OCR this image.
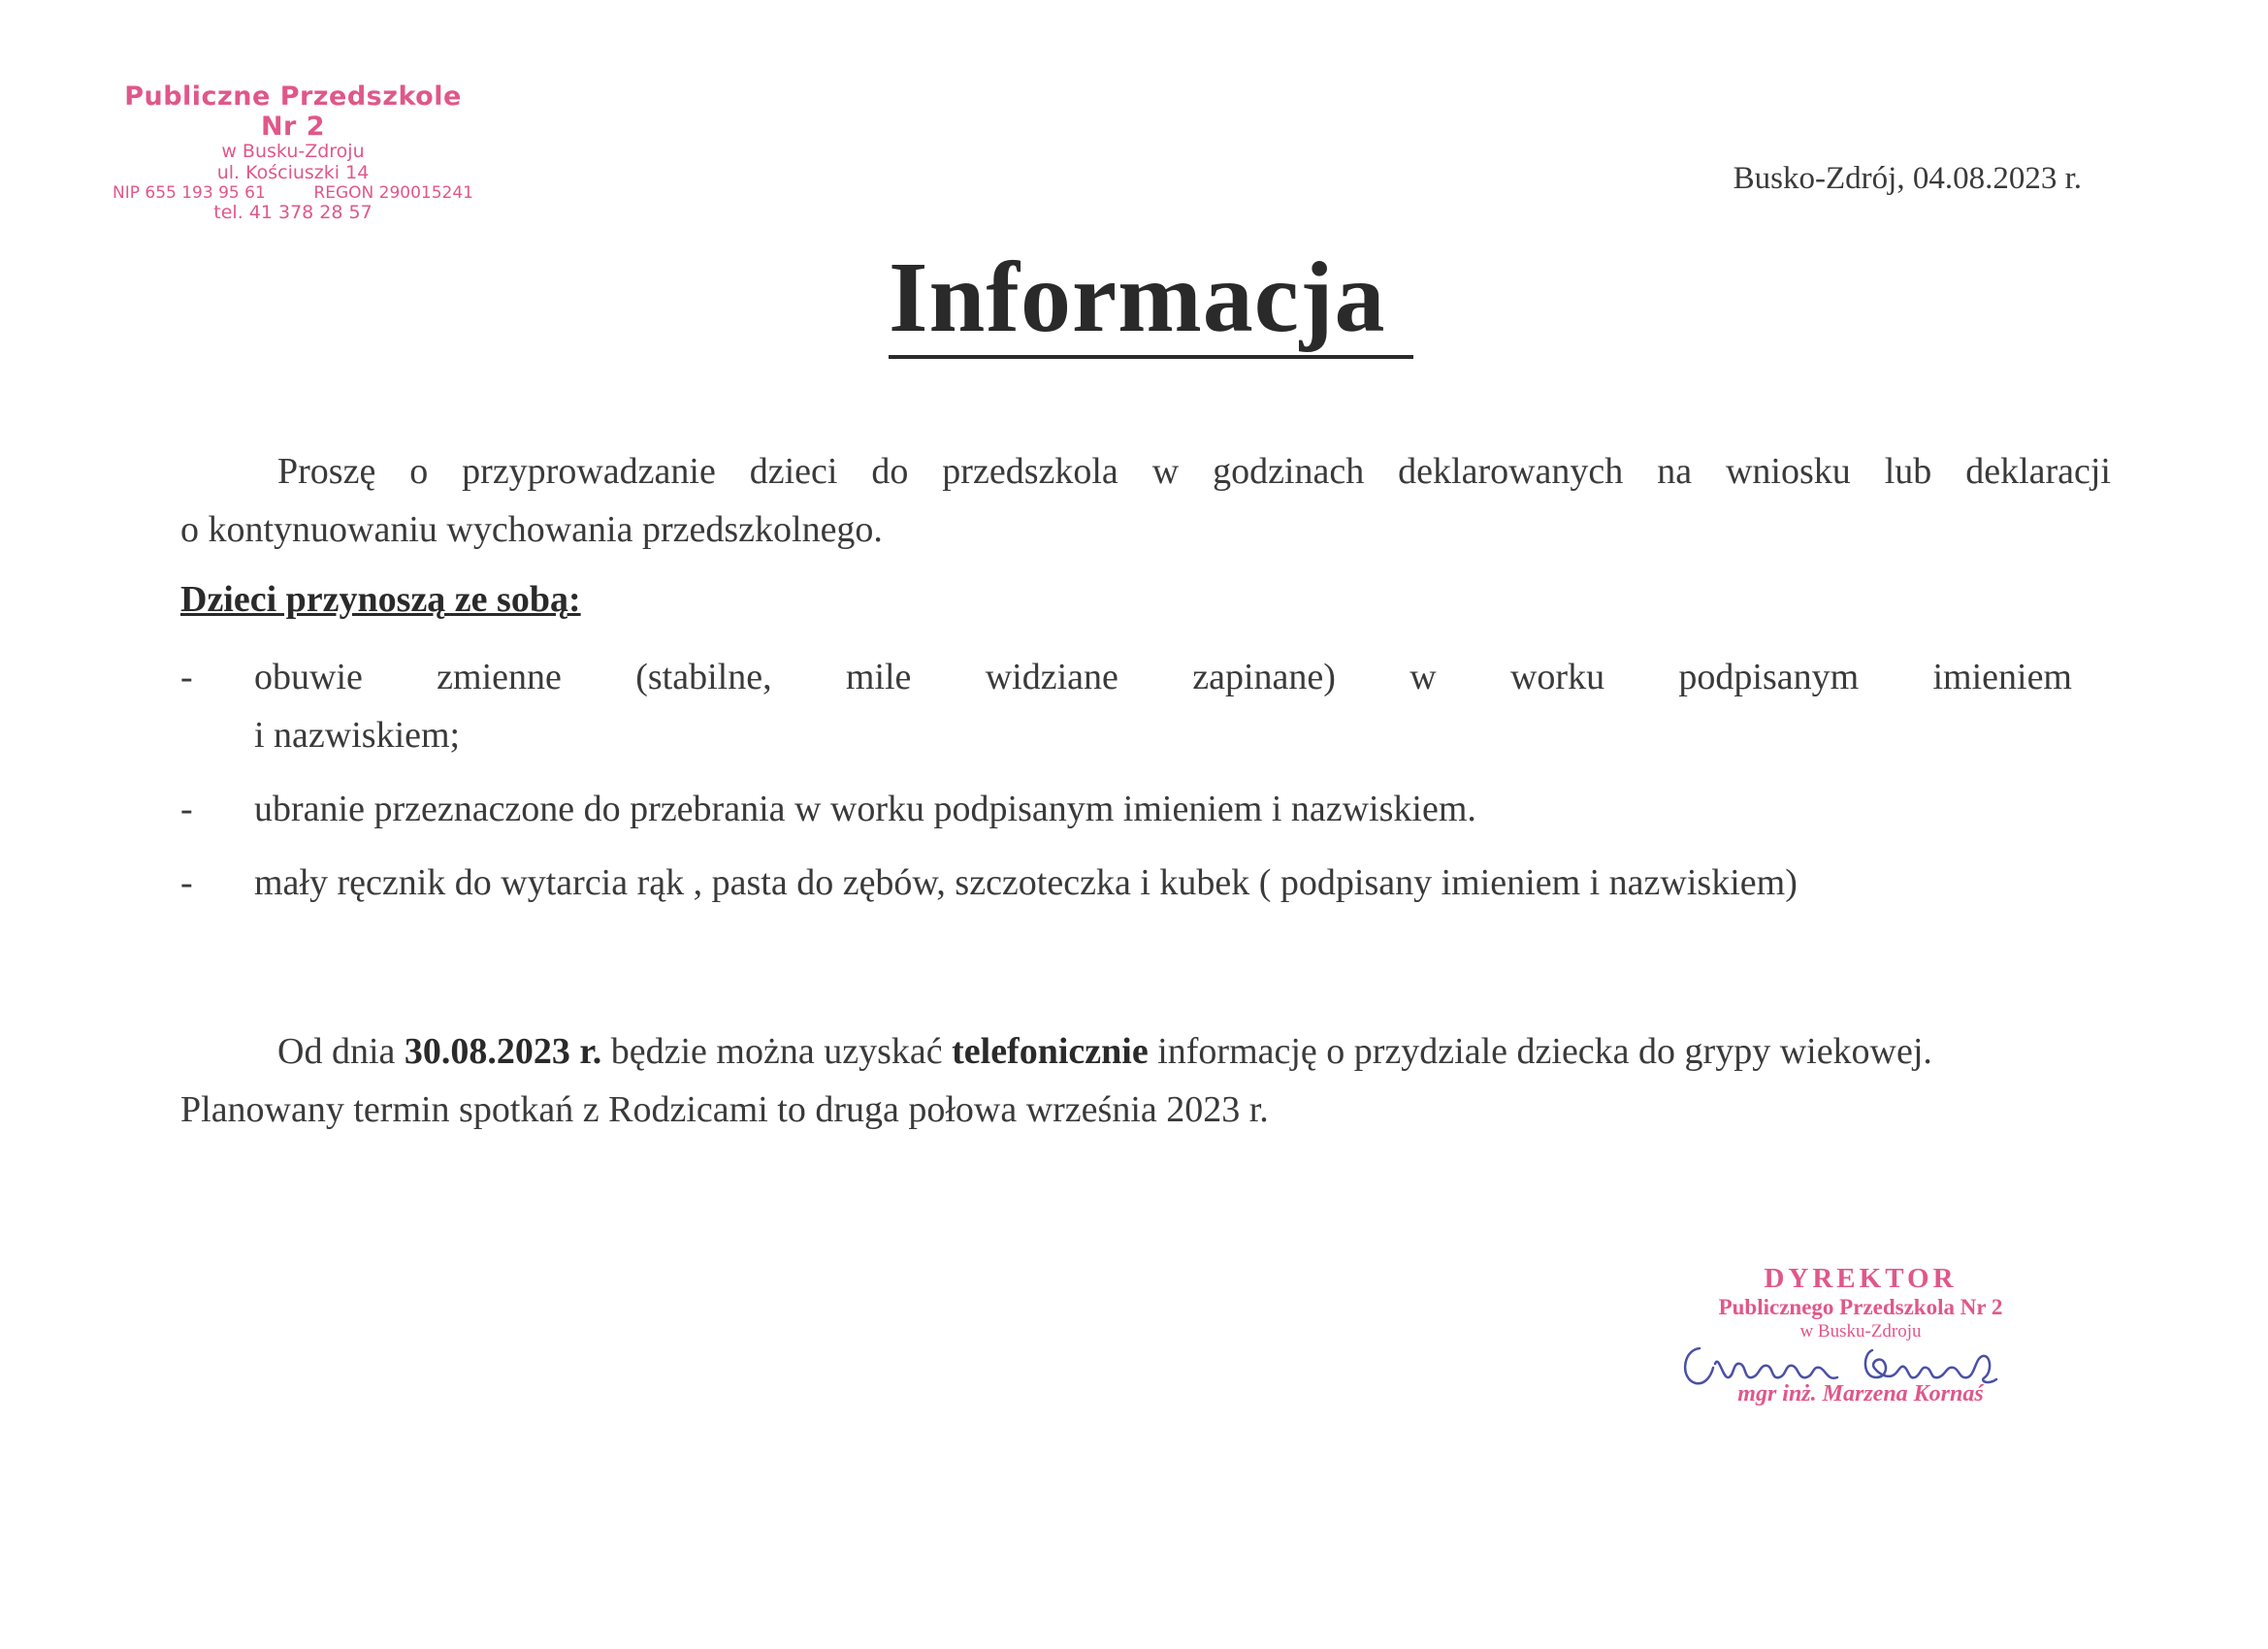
Publiczne Przedszkole Nr 2
w Busku-Zdroju
ul. Kościuszki 14
NIP 655 193 95 61	REGON 290015241
tel. 41 378 28 57
Busko-Zdrój, 04.08.2023 r.
Informacja
Proszę o przyprowadzanie dzieci do przedszkola w godzinach deklarowanych na wniosku lub deklaracji
o kontynuowaniu wychowania przedszkolnego.
Dzieci przynoszą ze sobą:
- obuwie zmienne (stabilne, mile widziane zapinane) w worku podpisanym imieniem
i nazwiskiem;
- ubranie przeznaczone do przebrania w worku podpisanym imieniem i nazwiskiem.
- mały ręcznik do wytarcia rąk , pasta do zębów, szczoteczka i kubek ( podpisany imieniem i nazwiskiem)
Od dnia 30.08.2023 r. będzie można uzyskać telefonicznie informację o przydziale dziecka do grypy wiekowej.
Planowany termin spotkań z Rodzicami to druga połowa września 2023 r.
DYREKTOR
Publicznego Przedszkola Nr 2
w Busku-Zdroju
mgr inż. Marzena Kornaś
